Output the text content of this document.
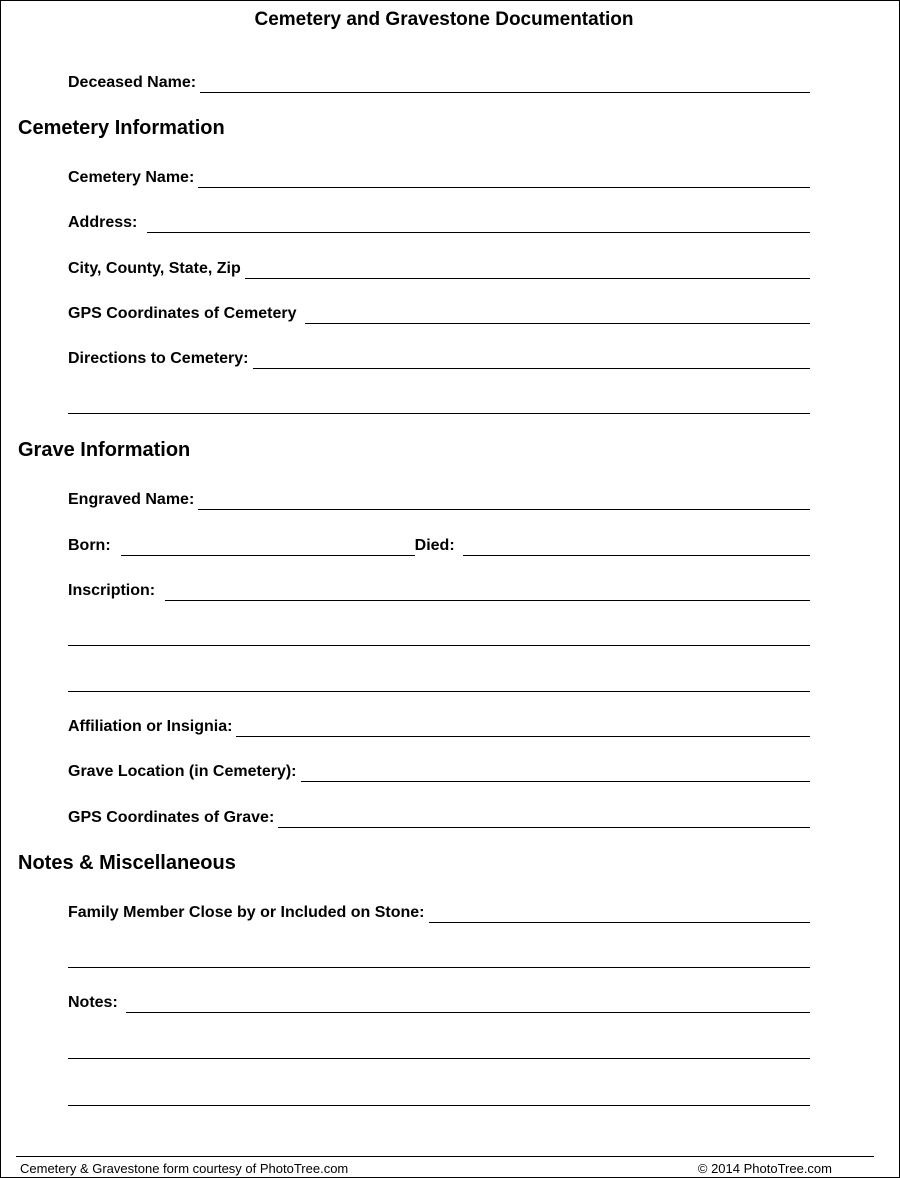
Cemetery and Gravestone Documentation
Deceased Name:
Cemetery Information
Cemetery Name:
Address:
City, County, State, Zip
GPS Coordinates of Cemetery
Directions to Cemetery:
Grave Information
Engraved Name:
Born:	Died:
Inscription:
Affiliation or Insignia:
Grave Location (in Cemetery):
GPS Coordinates of Grave:
Notes & Miscellaneous
Family Member Close by or Included on Stone:
Notes:
Cemetery & Gravestone form courtesy of PhotoTree.com	© 2014 PhotoTree.com
